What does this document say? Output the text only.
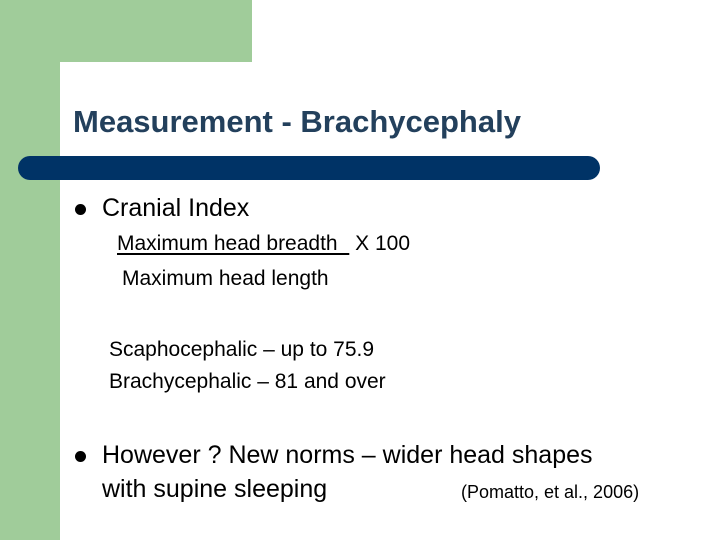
Measurement - Brachycephaly

Cranial Index

Maximum head breadth   X 100

Maximum head length

Scaphocephalic – up to 75.9

Brachycephalic – 81 and over

However ? New norms – wider head shapes

with supine sleeping	(Pomatto, et al., 2006)
